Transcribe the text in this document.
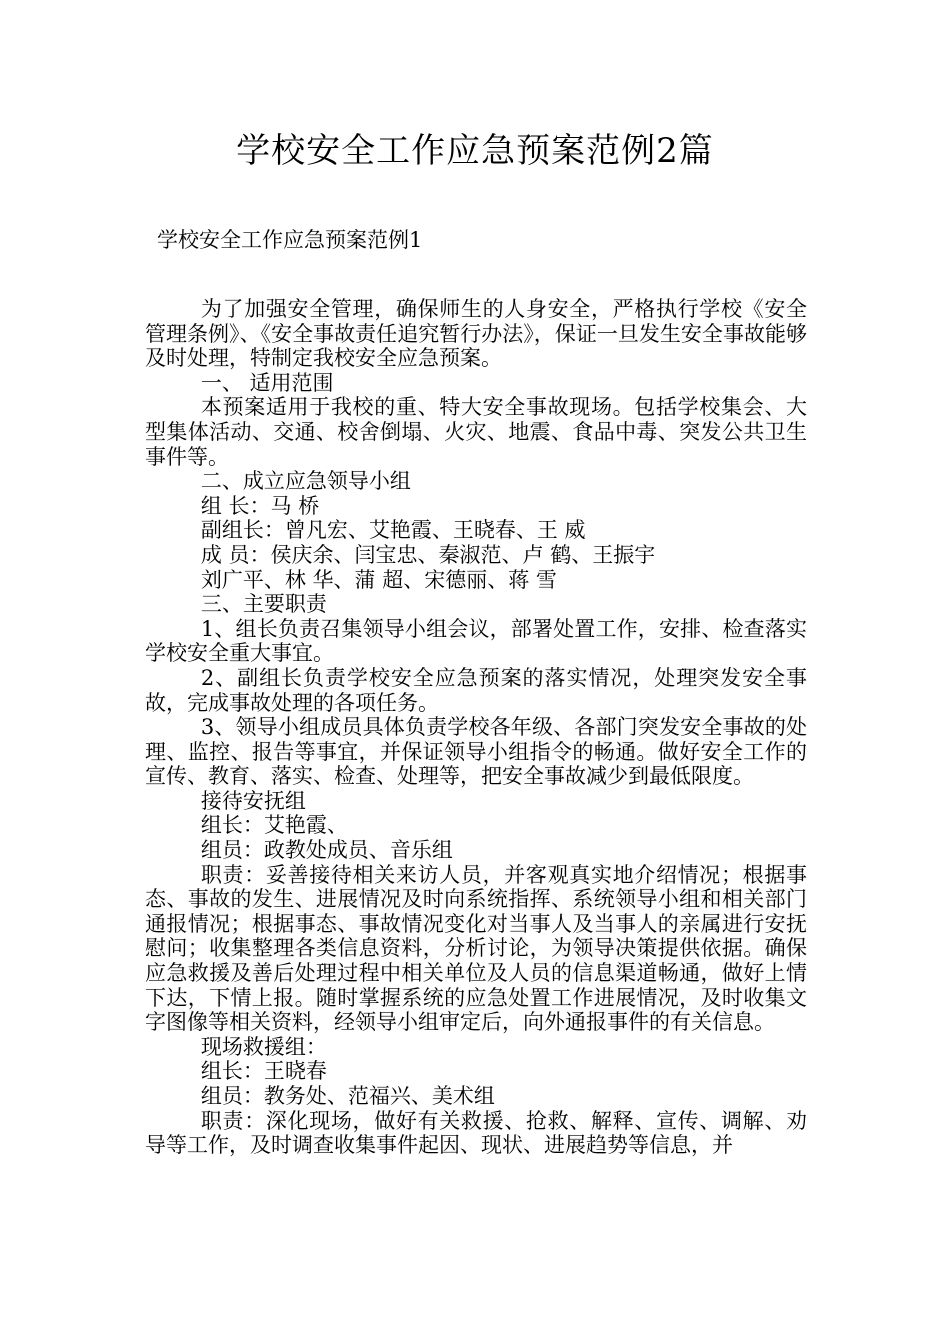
学校安全工作应急预案范例2篇
学校安全工作应急预案范例1

为了加强安全管理，确保师生的人身安全，严格执行学校《安全管理条例》、《安全事故责任追究暂行办法》，保证一旦发生安全事故能够及时处理，特制定我校安全应急预案。

一、 适用范围

本预案适用于我校的重、特大安全事故现场。包括学校集会、大型集体活动、交通、校舍倒塌、火灾、地震、食品中毒、突发公共卫生事件等。

二、成立应急领导小组

组 长：马 桥

副组长：曾凡宏、艾艳霞、王晓春、王 威

成 员：侯庆余、闫宝忠、秦淑范、卢 鹤、王振宇

刘广平、林 华、蒲 超、宋德丽、蒋 雪

三、主要职责

1、组长负责召集领导小组会议，部署处置工作，安排、检查落实学校安全重大事宜。

2、副组长负责学校安全应急预案的落实情况，处理突发安全事故，完成事故处理的各项任务。

3、领导小组成员具体负责学校各年级、各部门突发安全事故的处理、监控、报告等事宜，并保证领导小组指令的畅通。做好安全工作的宣传、教育、落实、检查、处理等，把安全事故减少到最低限度。

接待安抚组

组长：艾艳霞、

组员：政教处成员、音乐组

职责：妥善接待相关来访人员，并客观真实地介绍情况；根据事态、事故的发生、进展情况及时向系统指挥、系统领导小组和相关部门通报情况；根据事态、事故情况变化对当事人及当事人的亲属进行安抚慰问；收集整理各类信息资料，分析讨论，为领导决策提供依据。确保应急救援及善后处理过程中相关单位及人员的信息渠道畅通，做好上情下达，下情上报。随时掌握系统的应急处置工作进展情况，及时收集文字图像等相关资料，经领导小组审定后，向外通报事件的有关信息。

现场救援组：

组长：王晓春

组员：教务处、范福兴、美术组

职责：深化现场，做好有关救援、抢救、解释、宣传、调解、劝导等工作，及时调查收集事件起因、现状、进展趋势等信息，并
